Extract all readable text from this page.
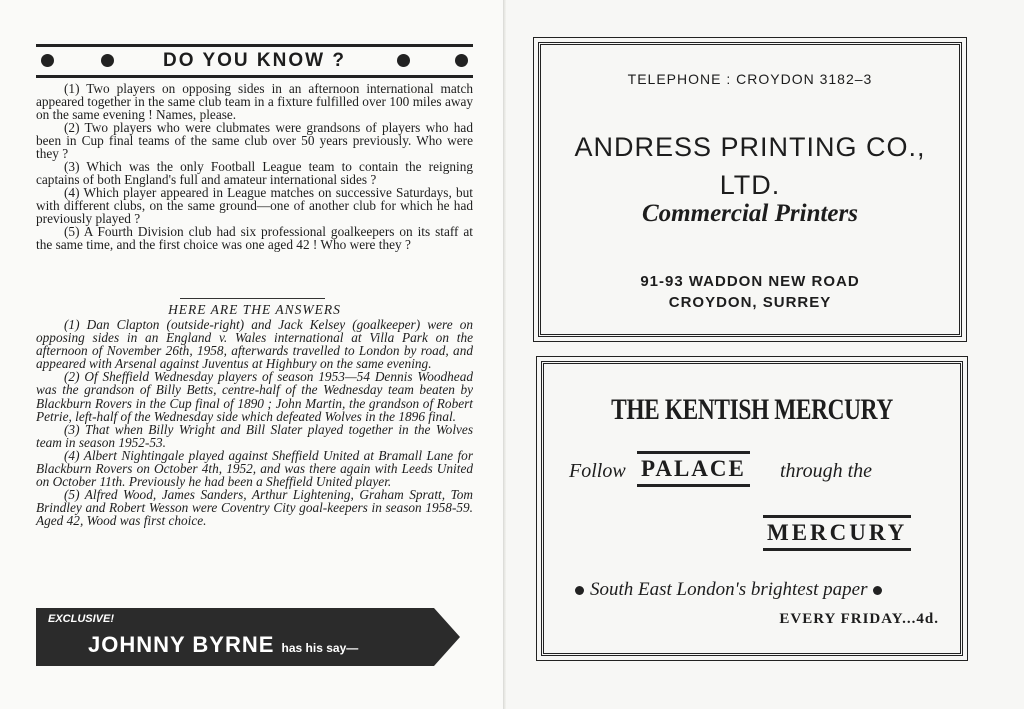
DO YOU KNOW ?

(1) Two players on opposing sides in an afternoon international match appeared together in the same club team in a fixture fulfilled over 100 miles away on the same evening ! Names, please.

(2) Two players who were clubmates were grandsons of players who had been in Cup final teams of the same club over 50 years previously. Who were they ?

(3) Which was the only Football League team to contain the reigning captains of both England's full and amateur international sides ?

(4) Which player appeared in League matches on successive Saturdays, but with different clubs, on the same ground—one of another club for which he had previously played ?

(5) A Fourth Division club had six professional goalkeepers on its staff at the same time, and the first choice was one aged 42 ! Who were they ?

HERE ARE THE ANSWERS

(1) Dan Clapton (outside-right) and Jack Kelsey (goalkeeper) were on opposing sides in an England v. Wales international at Villa Park on the afternoon of November 26th, 1958, afterwards travelled to London by road, and appeared with Arsenal against Juventus at Highbury on the same evening.

(2) Of Sheffield Wednesday players of season 1953—54 Dennis Woodhead was the grandson of Billy Betts, centre-half of the Wednesday team beaten by Blackburn Rovers in the Cup final of 1890 ; John Martin, the grandson of Robert Petrie, left-half of the Wednesday side which defeated Wolves in the 1896 final.

(3) That when Billy Wright and Bill Slater played together in the Wolves team in season 1952-53.

(4) Albert Nightingale played against Sheffield United at Bramall Lane for Blackburn Rovers on October 4th, 1952, and was there again with Leeds United on October 11th. Previously he had been a Sheffield United player.

(5) Alfred Wood, James Sanders, Arthur Lightening, Graham Spratt, Tom Brindley and Robert Wesson were Coventry City goal-keepers in season 1958-59. Aged 42, Wood was first choice.

EXCLUSIVE!
JOHNNY BYRNE has his say—
TELEPHONE : CROYDON 3182–3
ANDRESS PRINTING CO.,
LTD.
Commercial Printers
91-93 WADDON NEW ROAD
CROYDON, SURREY
THE KENTISH MERCURY
Follow PALACE through the
MERCURY
South East London's brightest paper
EVERY FRIDAY...4d.
